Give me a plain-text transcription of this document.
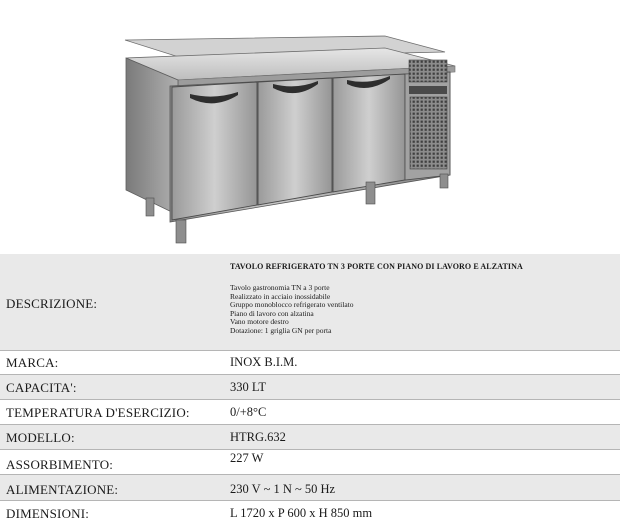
DESCRIZIONE:
TAVOLO REFRIGERATO TN 3 PORTE CON PIANO DI LAVORO E ALZATINA
Tavolo gastronomia TN a 3 porte
Realizzato in acciaio inossidabile
Gruppo monoblocco refrigerato ventilato
Piano di lavoro con alzatina
Vano motore destro
Dotazione: 1 griglia GN per porta
MARCA:	INOX B.I.M.
CAPACITA':	330 LT
TEMPERATURA D'ESERCIZIO:	0/+8°C
MODELLO:	HTRG.632
ASSORBIMENTO:	227 W
ALIMENTAZIONE:	230 V ~ 1 N ~ 50 Hz
DIMENSIONI:	L 1720 x P 600 x H 850 mm
